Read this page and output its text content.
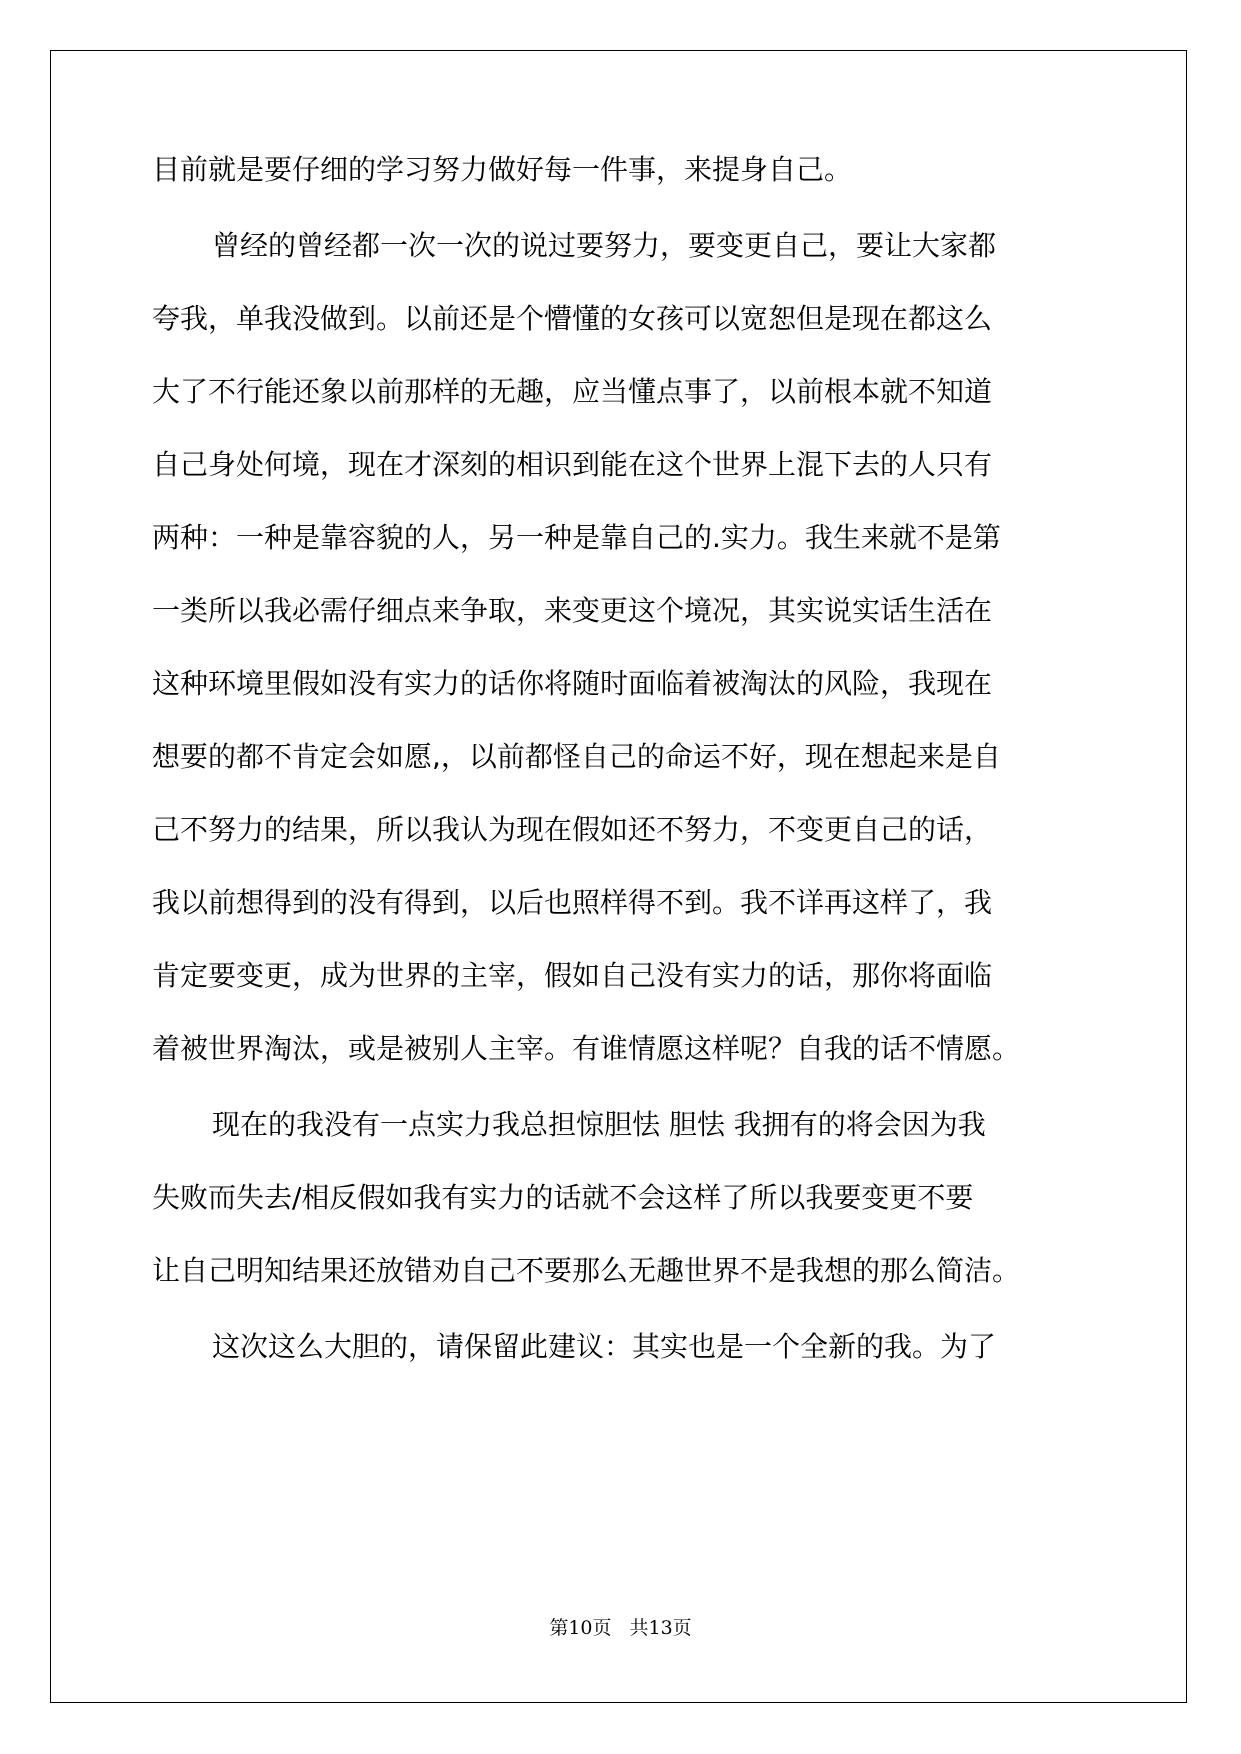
目前就是要仔细的学习努力做好每一件事，来提身自己。

曾经的曾经都一次一次的说过要努力，要变更自己，要让大家都

夸我，单我没做到。以前还是个懵懂的女孩可以宽恕但是现在都这么

大了不行能还象以前那样的无趣，应当懂点事了，以前根本就不知道

自己身处何境，现在才深刻的相识到能在这个世界上混下去的人只有

两种：一种是靠容貌的人，另一种是靠自己的.实力。我生来就不是第

一类所以我必需仔细点来争取，来变更这个境况，其实说实话生活在

这种环境里假如没有实力的话你将随时面临着被淘汰的风险，我现在

想要的都不肯定会如愿,，以前都怪自己的命运不好，现在想起来是自

己不努力的结果，所以我认为现在假如还不努力，不变更自己的话，

我以前想得到的没有得到，以后也照样得不到。我不详再这样了，我

肯定要变更，成为世界的主宰，假如自己没有实力的话，那你将面临

着被世界淘汰，或是被别人主宰。有谁情愿这样呢？自我的话不情愿。

现在的我没有一点实力我总担惊胆怯 胆怯 我拥有的将会因为我

失败而失去/相反假如我有实力的话就不会这样了所以我要变更不要

让自己明知结果还放错劝自己不要那么无趣世界不是我想的那么简洁。

这次这么大胆的，请保留此建议：其实也是一个全新的我。为了

第10页 共13页
